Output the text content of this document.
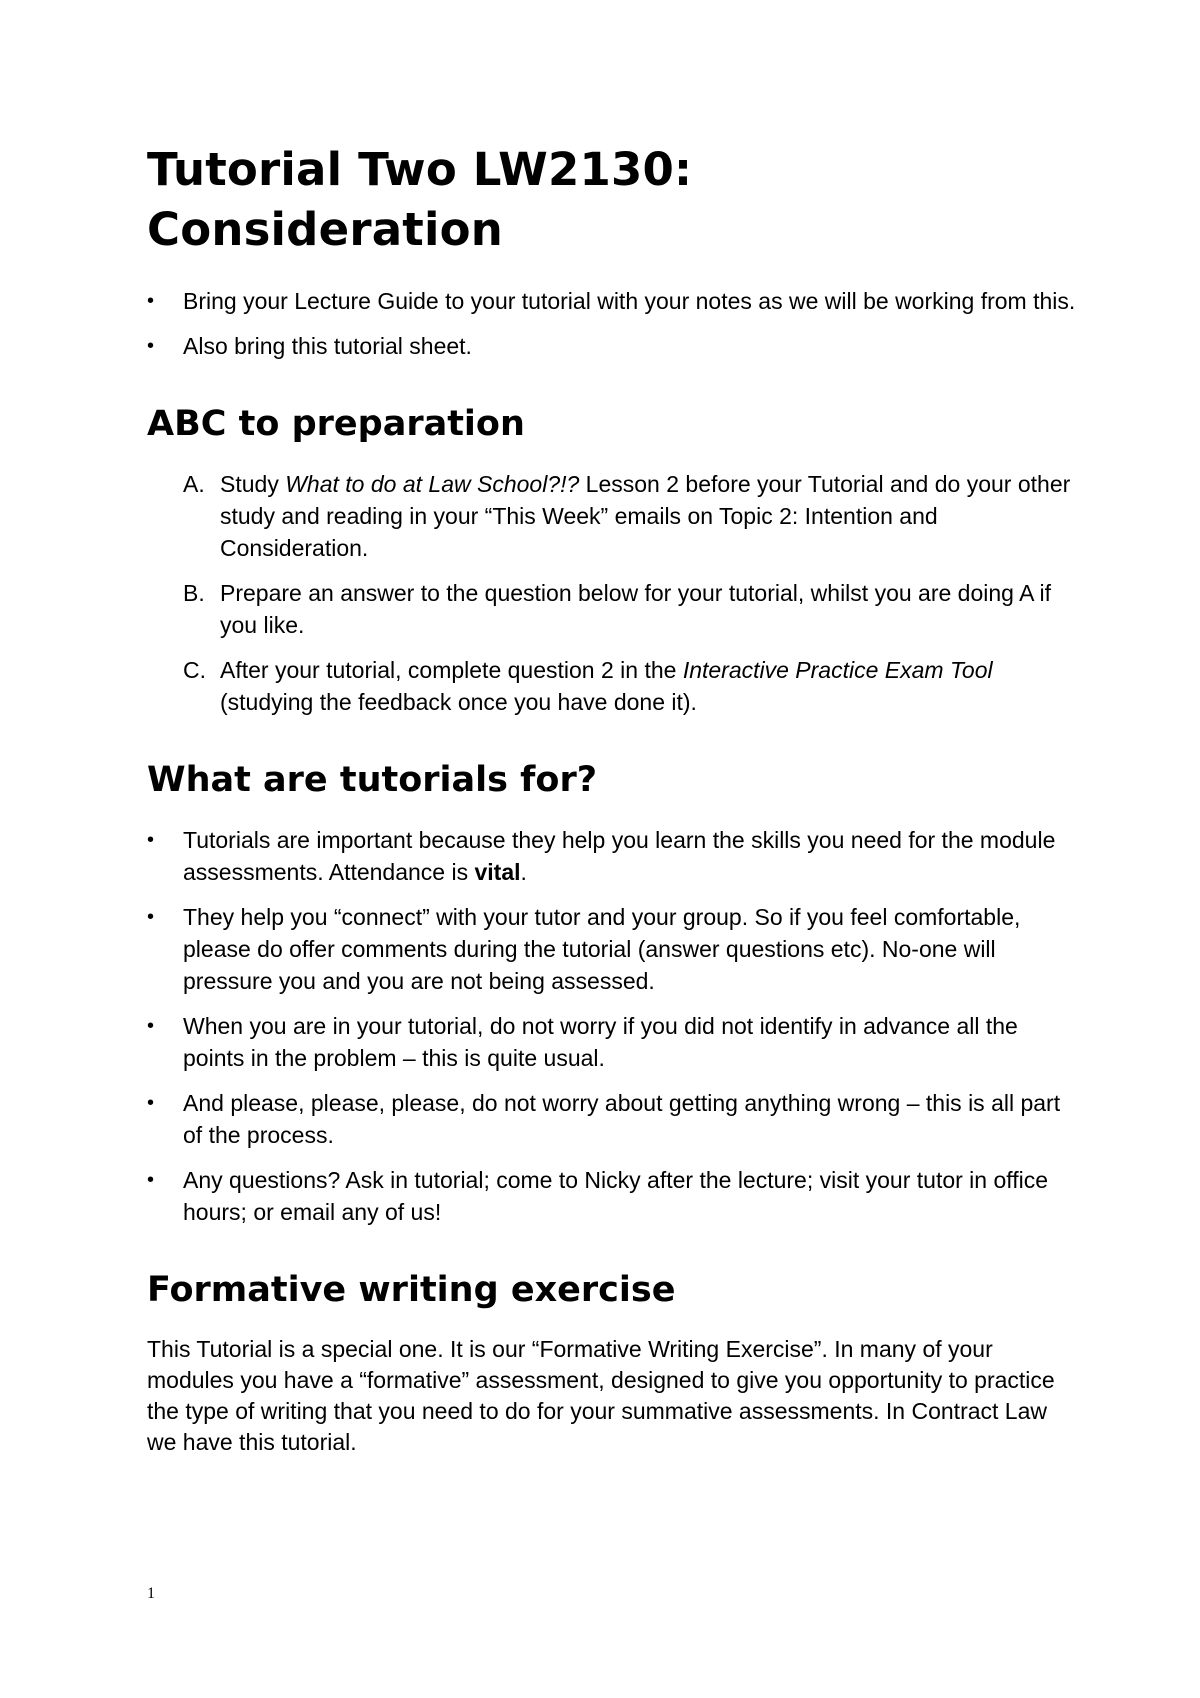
Tutorial Two LW2130:
Consideration
•	Bring your Lecture Guide to your tutorial with your notes as we will be working from this.
•	Also bring this tutorial sheet.
ABC to preparation
A. Study What to do at Law School?!? Lesson 2 before your Tutorial and do your other study and reading in your “This Week” emails on Topic 2: Intention and Consideration.
B. Prepare an answer to the question below for your tutorial, whilst you are doing A if you like.
C. After your tutorial, complete question 2 in the Interactive Practice Exam Tool (studying the feedback once you have done it).
What are tutorials for?
•	Tutorials are important because they help you learn the skills you need for the module assessments. Attendance is vital.
•	They help you “connect” with your tutor and your group. So if you feel comfortable, please do offer comments during the tutorial (answer questions etc). No-one will pressure you and you are not being assessed.
•	When you are in your tutorial, do not worry if you did not identify in advance all the points in the problem – this is quite usual.
•	And please, please, please, do not worry about getting anything wrong – this is all part of the process.
•	Any questions? Ask in tutorial; come to Nicky after the lecture; visit your tutor in office hours; or email any of us!
Formative writing exercise

This Tutorial is a special one. It is our “Formative Writing Exercise”. In many of your modules you have a “formative” assessment, designed to give you opportunity to practice the type of writing that you need to do for your summative assessments. In Contract Law we have this tutorial.

1
